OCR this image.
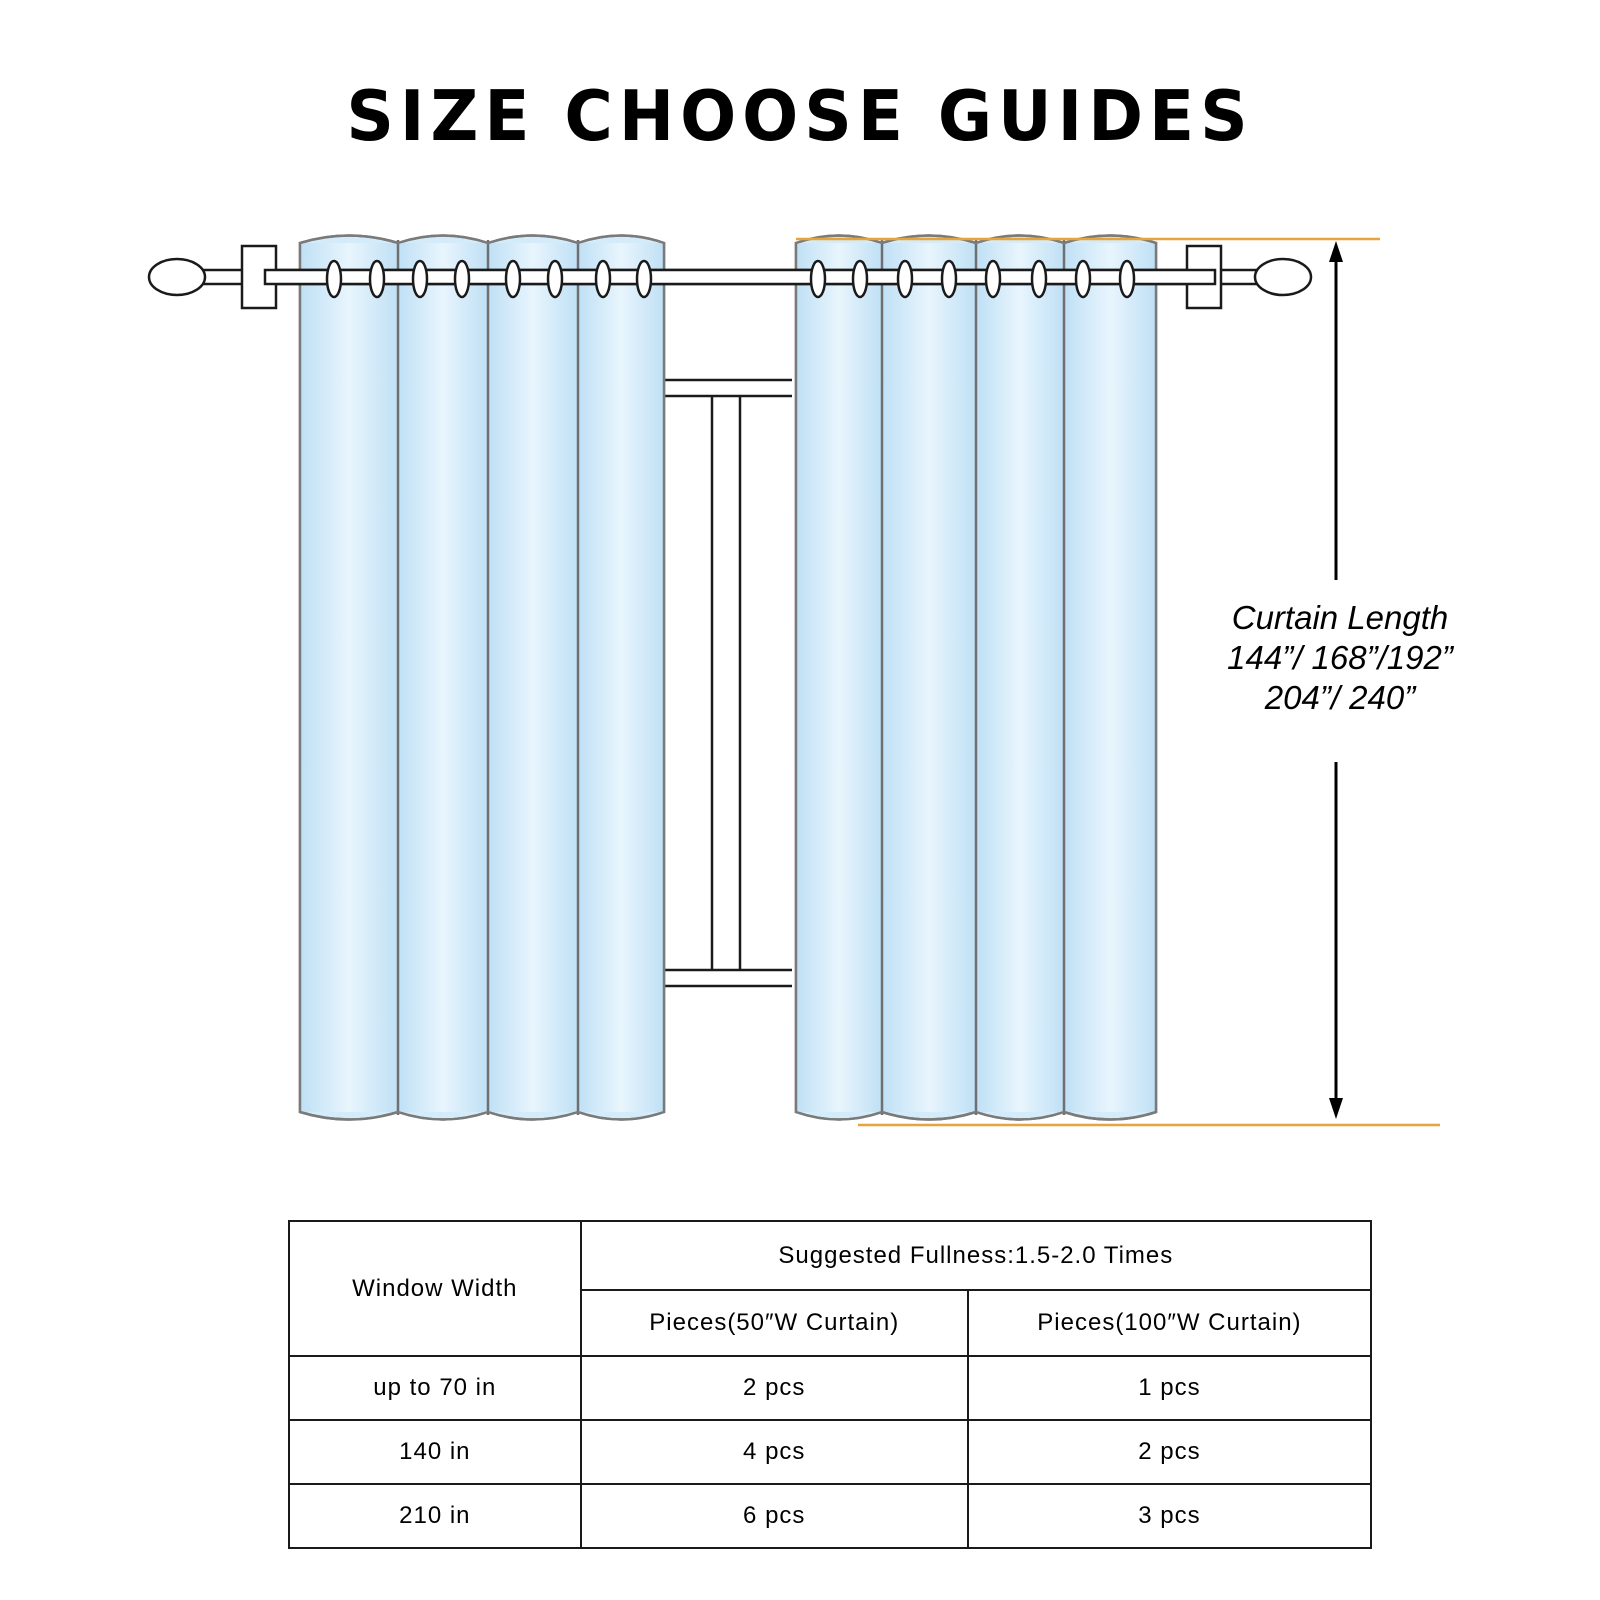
SIZE CHOOSE GUIDES
Curtain Length
144”/ 168”/192”
204”/ 240”
Window Width	Suggested Fullness:1.5-2.0 Times	
	Pieces(50″W Curtain)	Pieces(100″W Curtain)
up to 70 in	2 pcs	1 pcs
140 in	4 pcs	2 pcs
210 in	6 pcs	3 pcs
